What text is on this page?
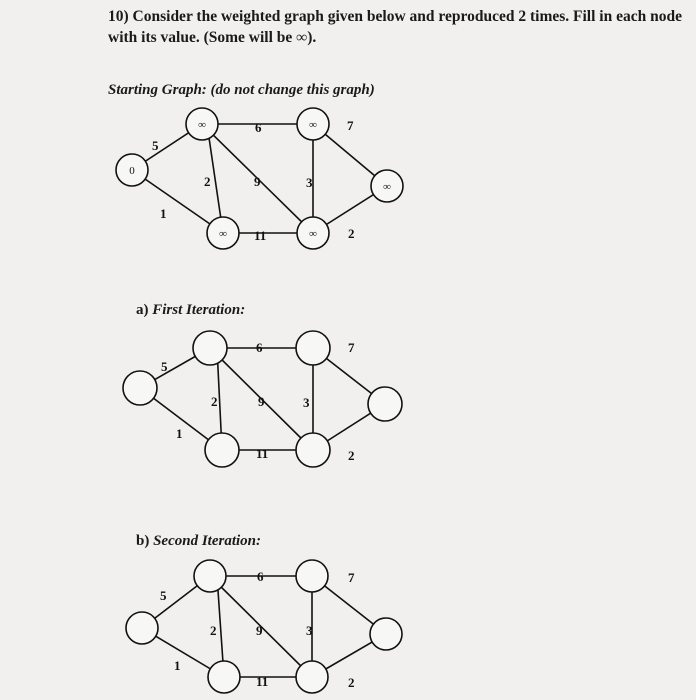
10) Consider the weighted graph given below and reproduced 2 times. Fill in each node with its value. (Some will be ∞).
Starting Graph: (do not change this graph)
0
∞
∞
∞
∞
∞
5
1
6
2	9
11
3
7
2
a) First Iteration:
5
1
6
2	9
11
3
7
2
b) Second Iteration:
5
1
6
2	9
11
3
7
2
